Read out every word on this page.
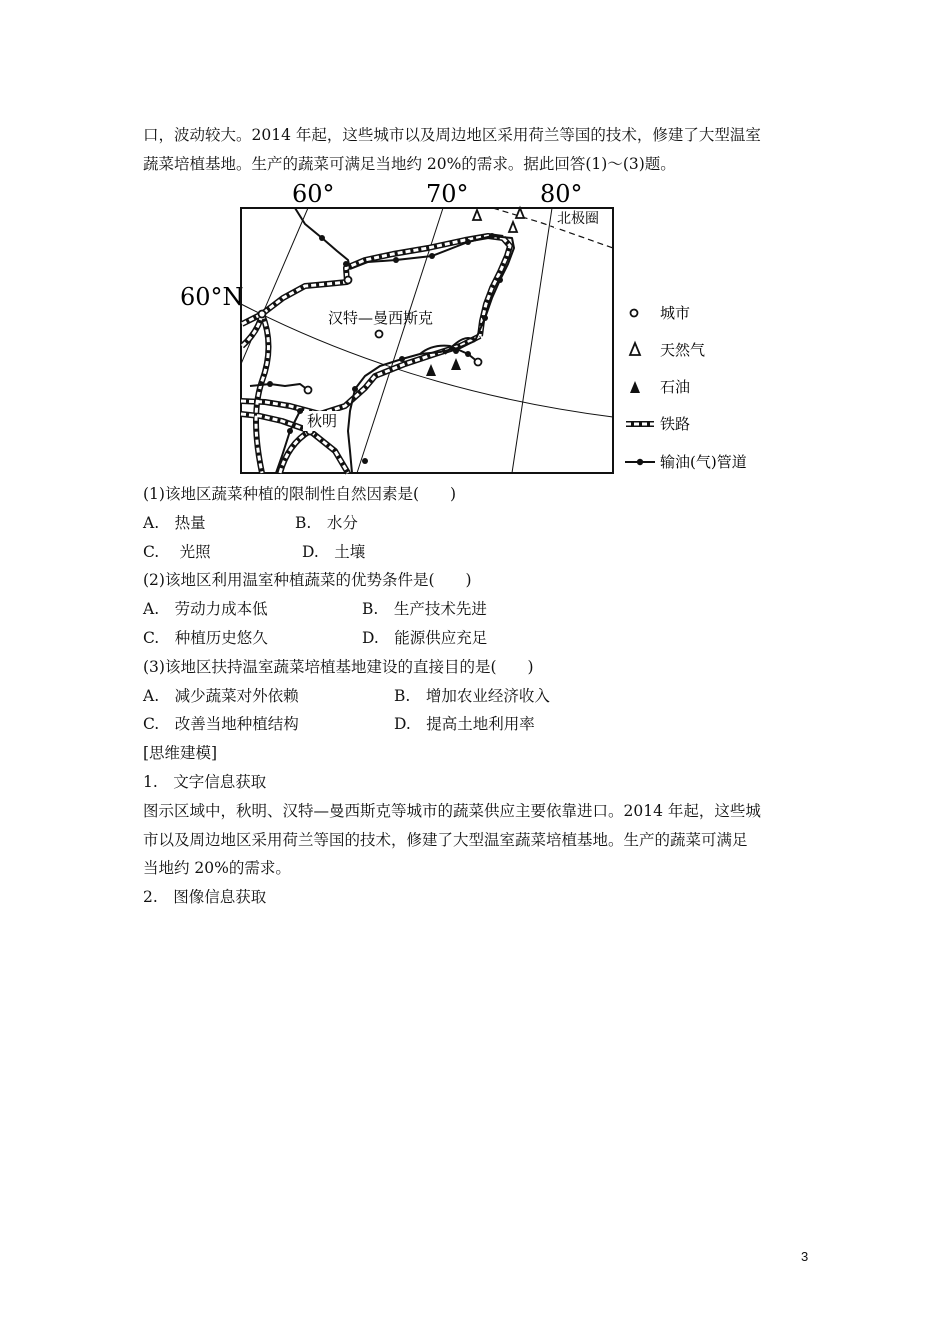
口，波动较大。2014 年起，这些城市以及周边地区采用荷兰等国的技术，修建了大型温室
蔬菜培植基地。生产的蔬菜可满足当地约 20%的需求。据此回答(1)～(3)题。
60°	70°	80°
60°N
北极圈
汉特—曼西斯克
秋明
城市
天然气
石油
铁路
输油(气)管道
(1)该地区蔬菜种植的限制性自然因素是(　　)
A.　热量	B.　水分
C.　 光照	D.　土壤
(2)该地区利用温室种植蔬菜的优势条件是(　　)
A.　劳动力成本低	B.　生产技术先进
C.　种植历史悠久	D.　能源供应充足
(3)该地区扶持温室蔬菜培植基地建设的直接目的是(　　)
A.　减少蔬菜对外依赖	B.　增加农业经济收入
C.　改善当地种植结构	D.　提高土地利用率
[思维建模]
1.　文字信息获取
图示区域中，秋明、汉特—曼西斯克等城市的蔬菜供应主要依靠进口。2014 年起，这些城
市以及周边地区采用荷兰等国的技术，修建了大型温室蔬菜培植基地。生产的蔬菜可满足
当地约 20%的需求。
2.　图像信息获取
3
